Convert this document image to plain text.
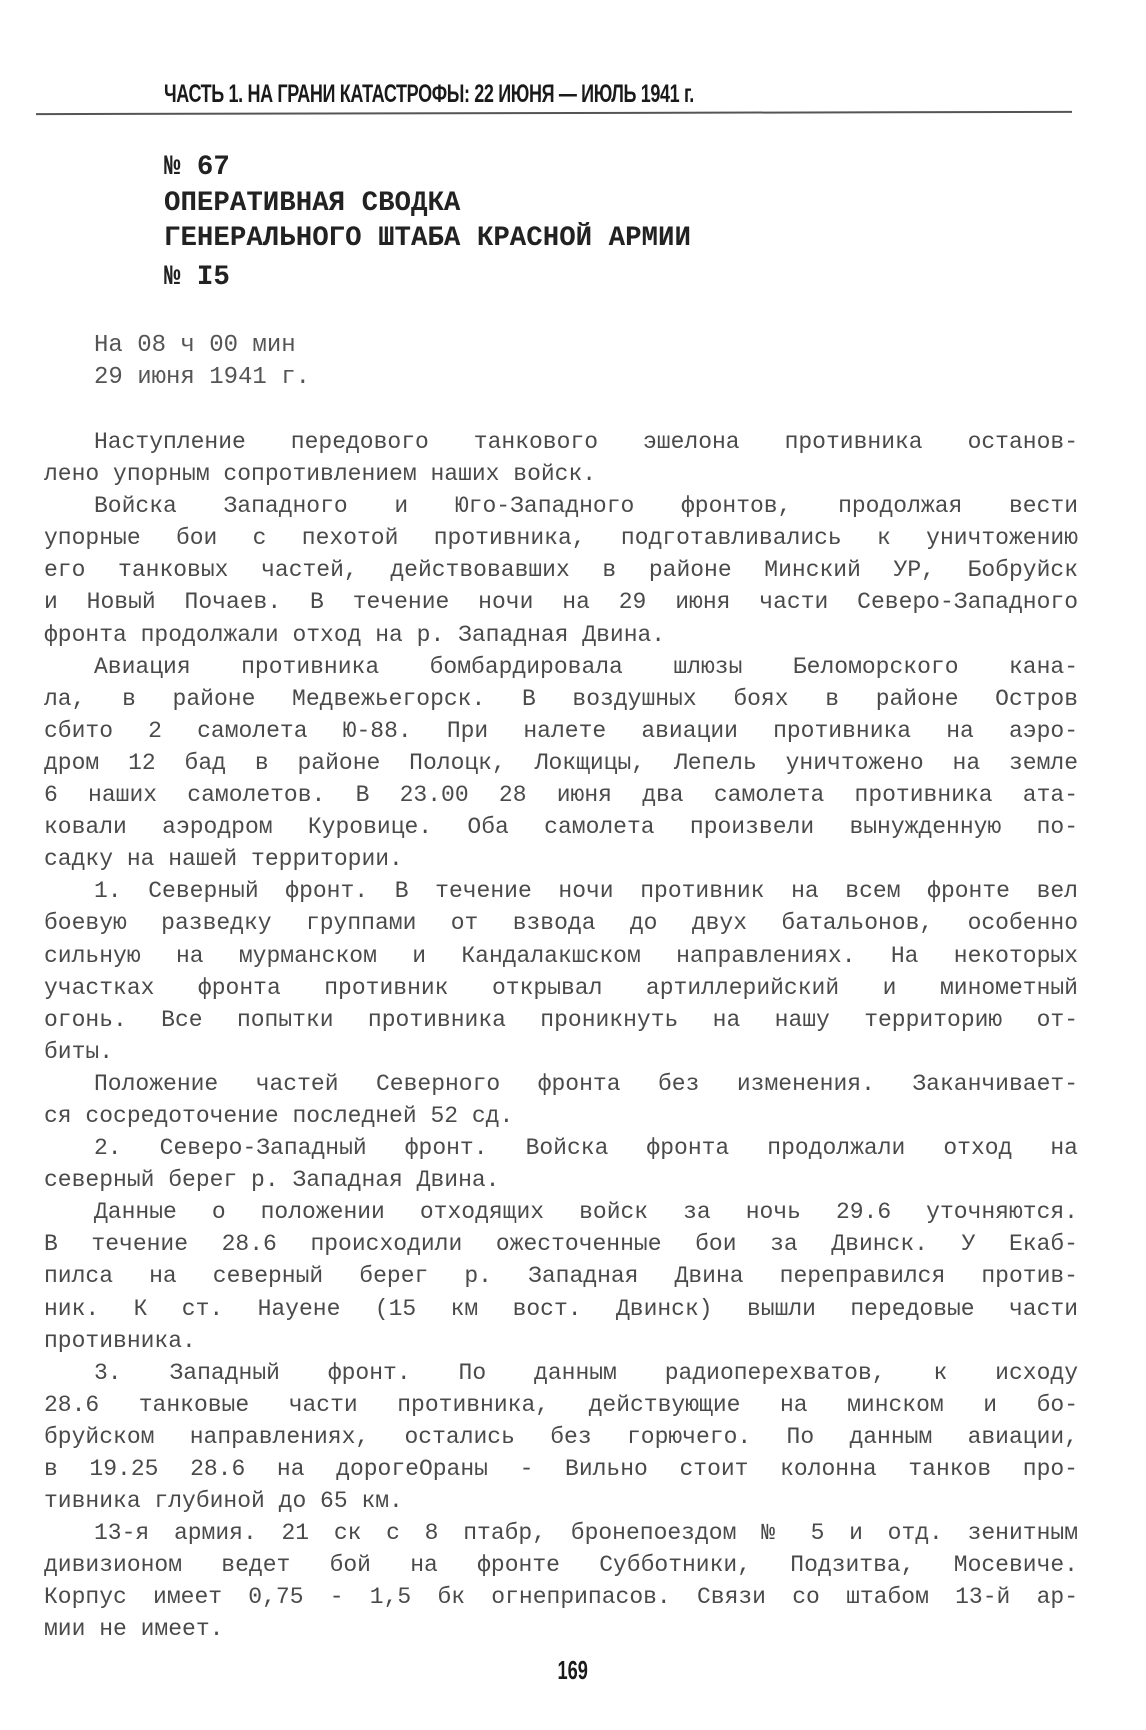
ЧАСТЬ 1. НА ГРАНИ КАТАСТРОФЫ: 22 ИЮНЯ — ИЮЛЬ 1941 г.
№ 67
ОПЕРАТИВНАЯ СВОДКА
ГЕНЕРАЛЬНОГО ШТАБА КРАСНОЙ АРМИИ
№ I5
На 08 ч 00 мин
29 июня 1941 г.
Наступление передового танкового эшелона противника останов-
лено упорным сопротивлением наших войск.
Войска Западного и Юго-Западного фронтов, продолжая вести
упорные бои с пехотой противника, подготавливались к уничтожению
его танковых частей, действовавших в районе Минский УР, Бобруйск
и Новый Почаев. В течение ночи на 29 июня части Северо-Западного
фронта продолжали отход на р. Западная Двина.
Авиация противника бомбардировала шлюзы Беломорского кана-
ла, в районе Медвежьегорск. В воздушных боях в районе Остров
сбито 2 самолета Ю-88. При налете авиации противника на аэро-
дром 12 бад в районе Полоцк, Локщицы, Лепель уничтожено на земле
6 наших самолетов. В 23.00 28 июня два самолета противника ата-
ковали аэродром Куровице. Оба самолета произвели вынужденную по-
садку на нашей территории.
1. Северный фронт. В течение ночи противник на всем фронте вел
боевую разведку группами от взвода до двух батальонов, особенно
сильную на мурманском и Кандалакшском направлениях. На некоторых
участках фронта противник открывал артиллерийский и минометный
огонь. Все попытки противника проникнуть на нашу территорию от-
биты.
Положение частей Северного фронта без изменения. Заканчивает-
ся сосредоточение последней 52 сд.
2. Северо-Западный фронт. Войска фронта продолжали отход на
северный берег р. Западная Двина.
Данные о положении отходящих войск за ночь 29.6 уточняются.
В течение 28.6 происходили ожесточенные бои за Двинск. У Екаб-
пилса на северный берег р. Западная Двина переправился против-
ник. К ст. Науене (15 км вост. Двинск) вышли передовые части
противника.
3. Западный фронт. По данным радиоперехватов, к исходу
28.6 танковые части противника, действующие на минском и бо-
бруйском направлениях, остались без горючего. По данным авиации,
в 19.25 28.6 на дорогеОраны - Вильно стоит колонна танков про-
тивника глубиной до 65 км.
13-я армия. 21 ск с 8 птабр, бронепоездом № 5 и отд. зенитным
дивизионом ведет бой на фронте Субботники, Подзитва, Мосевиче.
Корпус имеет 0,75 - 1,5 бк огнеприпасов. Связи со штабом 13-й ар-
мии не имеет.
169
